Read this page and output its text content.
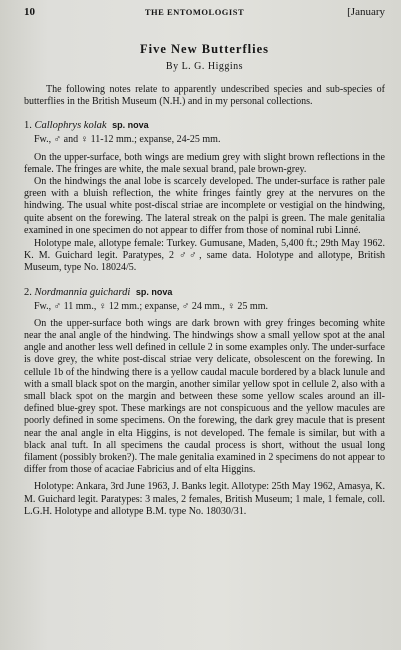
10	THE ENTOMOLOGIST	[January
Five New Butterflies
By L. G. Higgins

The following notes relate to apparently undescribed species and sub-species of butterflies in the British Museum (N.H.) and in my personal collections.

1. Callophrys kolak sp. nova

Fw., ♂ and ♀ 11-12 mm.; expanse, 24-25 mm.

On the upper-surface, both wings are medium grey with slight brown reflections in the female. The fringes are white, the male sexual brand, pale brown-grey.

On the hindwings the anal lobe is scarcely developed. The under-surface is rather pale green with a bluish reflection, the white fringes faintly grey at the nervures on the hindwing. The usual white post-discal striae are incomplete or vestigial on the hindwing, quite absent on the forewing. The lateral streak on the palpi is green. The male genitalia examined in one specimen do not appear to differ from those of nominal rubi Linné.

Holotype male, allotype female: Turkey. Gumusane, Maden, 5,400 ft.; 29th May 1962. K. M. Guichard legit. Paratypes, 2 ♂♂, same data. Holotype and allotype, British Museum, type No. 18024/5.

2. Nordmannia guichardi sp. nova

Fw., ♂ 11 mm., ♀ 12 mm.; expanse, ♂ 24 mm., ♀ 25 mm.

On the upper-surface both wings are dark brown with grey fringes becoming white near the anal angle of the hindwing. The hindwings show a small yellow spot at the anal angle and another less well defined in cellule 2 in some examples only. The under-surface is dove grey, the white post-discal striae very delicate, obsolescent on the forewing. In cellule 1b of the hindwing there is a yellow caudal macule bordered by a black lunule and with a small black spot on the margin, another similar yellow spot in cellule 2, also with a small black spot on the margin and between these some yellow scales around an ill-defined blue-grey spot. These markings are not conspicuous and the yellow macules are poorly defined in some specimens. On the forewing, the dark grey macule that is present near the anal angle in elta Higgins, is not developed. The female is similar, but with a black anal tuft. In all specimens the caudal process is short, without the usual long filament (possibly broken?). The male genitalia examined in 2 specimens do not appear to differ from those of acaciae Fabricius and of elta Higgins.

Holotype: Ankara, 3rd June 1963, J. Banks legit. Allotype: 25th May 1962, Amasya, K. M. Guichard legit. Paratypes: 3 males, 2 females, British Museum; 1 male, 1 female, coll. L.G.H. Holotype and allotype B.M. type No. 18030/31.
